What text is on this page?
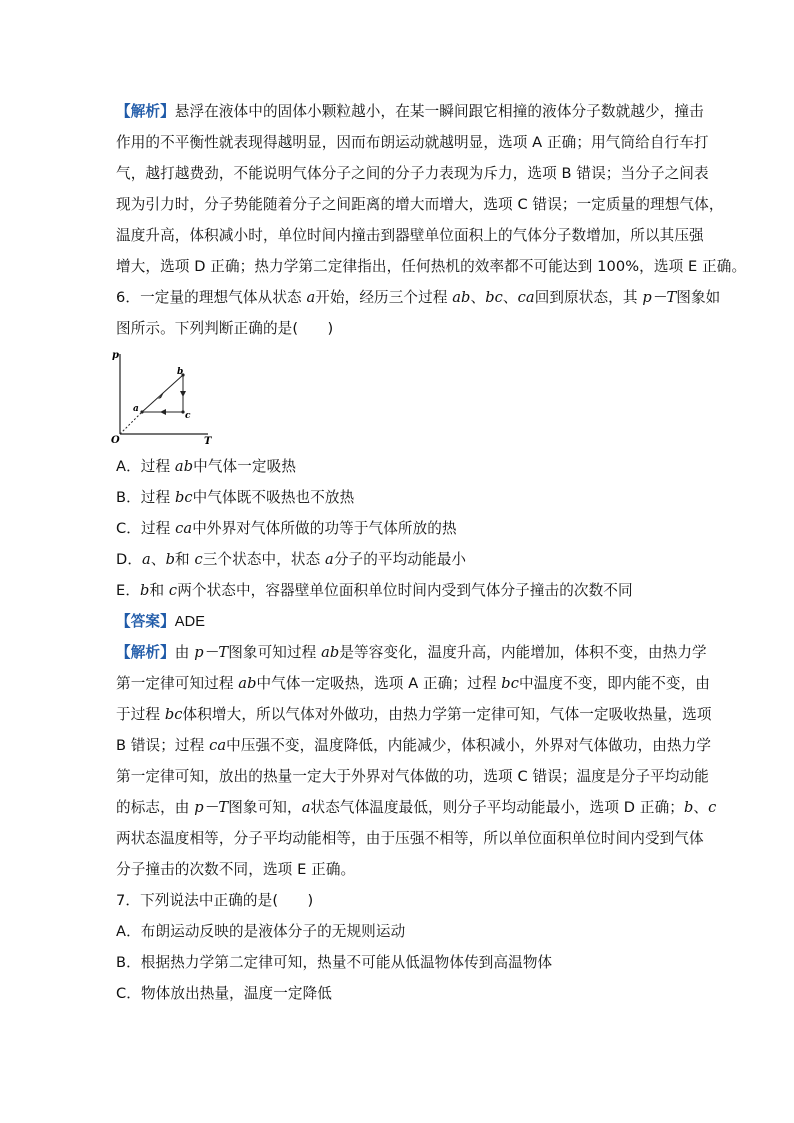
【解析】悬浮在液体中的固体小颗粒越小，在某一瞬间跟它相撞的液体分子数就越少，撞击
作用的不平衡性就表现得越明显，因而布朗运动就越明显，选项 A 正确；用气筒给自行车打
气，越打越费劲，不能说明气体分子之间的分子力表现为斥力，选项 B 错误；当分子之间表
现为引力时，分子势能随着分子之间距离的增大而增大，选项 C 错误；一定质量的理想气体，
温度升高，体积减小时，单位时间内撞击到器壁单位面积上的气体分子数增加，所以其压强
增大，选项 D 正确；热力学第二定律指出，任何热机的效率都不可能达到 100%，选项 E 正确。
6．一定量的理想气体从状态 a开始，经历三个过程 ab、bc、ca回到原状态，其 p－T图象如
图所示。下列判断正确的是(　　)
p
T
O
a
b
c
A．过程 ab中气体一定吸热
B．过程 bc中气体既不吸热也不放热
C．过程 ca中外界对气体所做的功等于气体所放的热
D．a、b和 c三个状态中，状态 a分子的平均动能最小
E．b和 c两个状态中，容器壁单位面积单位时间内受到气体分子撞击的次数不同
【答案】ADE
【解析】由 p－T图象可知过程 ab是等容变化，温度升高，内能增加，体积不变，由热力学
第一定律可知过程 ab中气体一定吸热，选项 A 正确；过程 bc中温度不变，即内能不变，由
于过程 bc体积增大，所以气体对外做功，由热力学第一定律可知，气体一定吸收热量，选项
B 错误；过程 ca中压强不变，温度降低，内能减少，体积减小，外界对气体做功，由热力学
第一定律可知，放出的热量一定大于外界对气体做的功，选项 C 错误；温度是分子平均动能
的标志，由 p－T图象可知，a状态气体温度最低，则分子平均动能最小，选项 D 正确；b、c
两状态温度相等，分子平均动能相等，由于压强不相等，所以单位面积单位时间内受到气体
分子撞击的次数不同，选项 E 正确。
7．下列说法中正确的是(　　)
A．布朗运动反映的是液体分子的无规则运动
B．根据热力学第二定律可知，热量不可能从低温物体传到高温物体
C．物体放出热量，温度一定降低
